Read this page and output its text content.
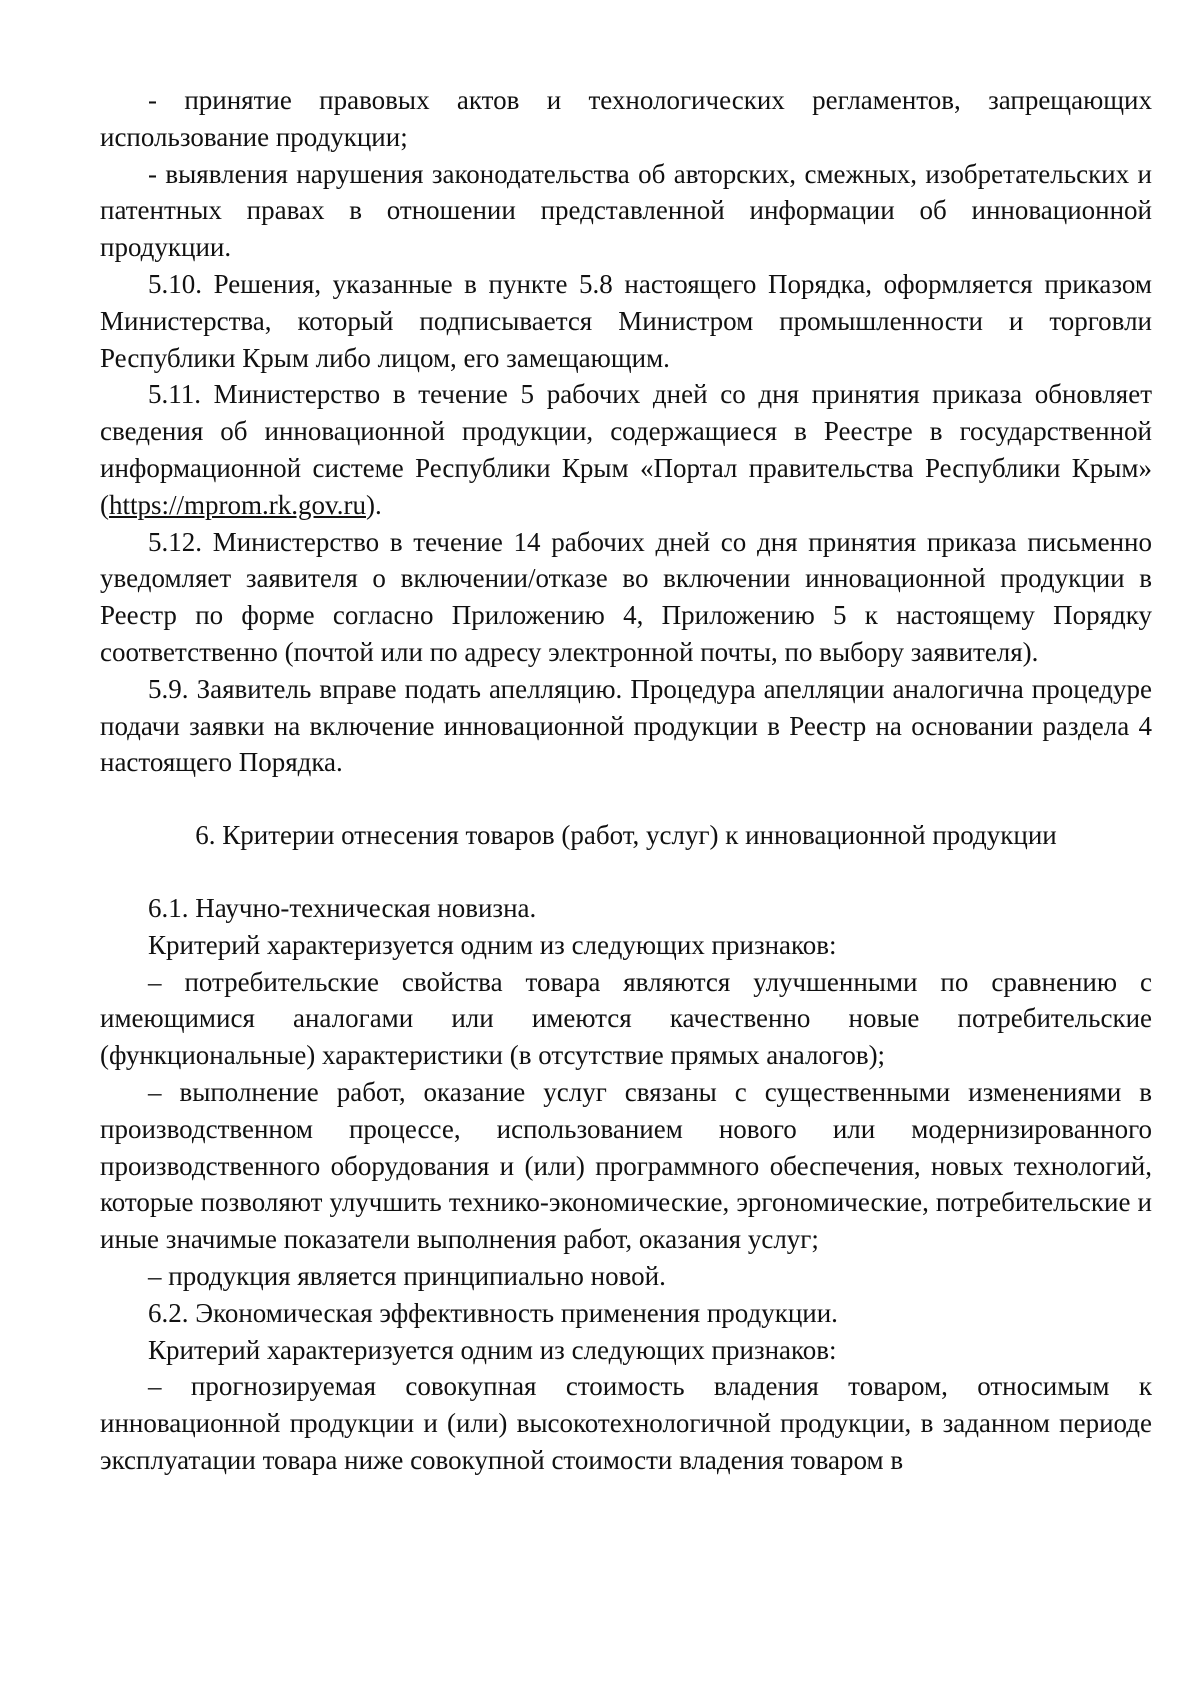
- принятие правовых актов и технологических регламентов, запрещающих использование продукции;

- выявления нарушения законодательства об авторских, смежных, изобретательских и патентных правах в отношении представленной информации об инновационной продукции.

5.10. Решения, указанные в пункте 5.8 настоящего Порядка, оформляется приказом Министерства, который подписывается Министром промышленности и торговли Республики Крым либо лицом, его замещающим.

5.11. Министерство в течение 5 рабочих дней со дня принятия приказа обновляет сведения об инновационной продукции, содержащиеся в Реестре в государственной информационной системе Республики Крым «Портал правительства Республики Крым» (https://mprom.rk.gov.ru).

5.12. Министерство в течение 14 рабочих дней со дня принятия приказа письменно уведомляет заявителя о включении/отказе во включении инновационной продукции в Реестр по форме согласно Приложению 4, Приложению 5 к настоящему Порядку соответственно (почтой или по адресу электронной почты, по выбору заявителя).

5.9. Заявитель вправе подать апелляцию. Процедура апелляции аналогична процедуре подачи заявки на включение инновационной продукции в Реестр на основании раздела 4 настоящего Порядка.

6. Критерии отнесения товаров (работ, услуг) к инновационной продукции

6.1. Научно-техническая новизна.

Критерий характеризуется одним из следующих признаков:

– потребительские свойства товара являются улучшенными по сравнению с имеющимися аналогами или имеются качественно новые потребительские (функциональные) характеристики (в отсутствие прямых аналогов);

– выполнение работ, оказание услуг связаны с существенными изменениями в производственном процессе, использованием нового или модернизированного производственного оборудования и (или) программного обеспечения, новых технологий, которые позволяют улучшить технико-экономические, эргономические, потребительские и иные значимые показатели выполнения работ, оказания услуг;

– продукция является принципиально новой.

6.2. Экономическая эффективность применения продукции.

Критерий характеризуется одним из следующих признаков:

– прогнозируемая совокупная стоимость владения товаром, относимым к инновационной продукции и (или) высокотехнологичной продукции, в заданном периоде эксплуатации товара ниже совокупной стоимости владения товаром в
